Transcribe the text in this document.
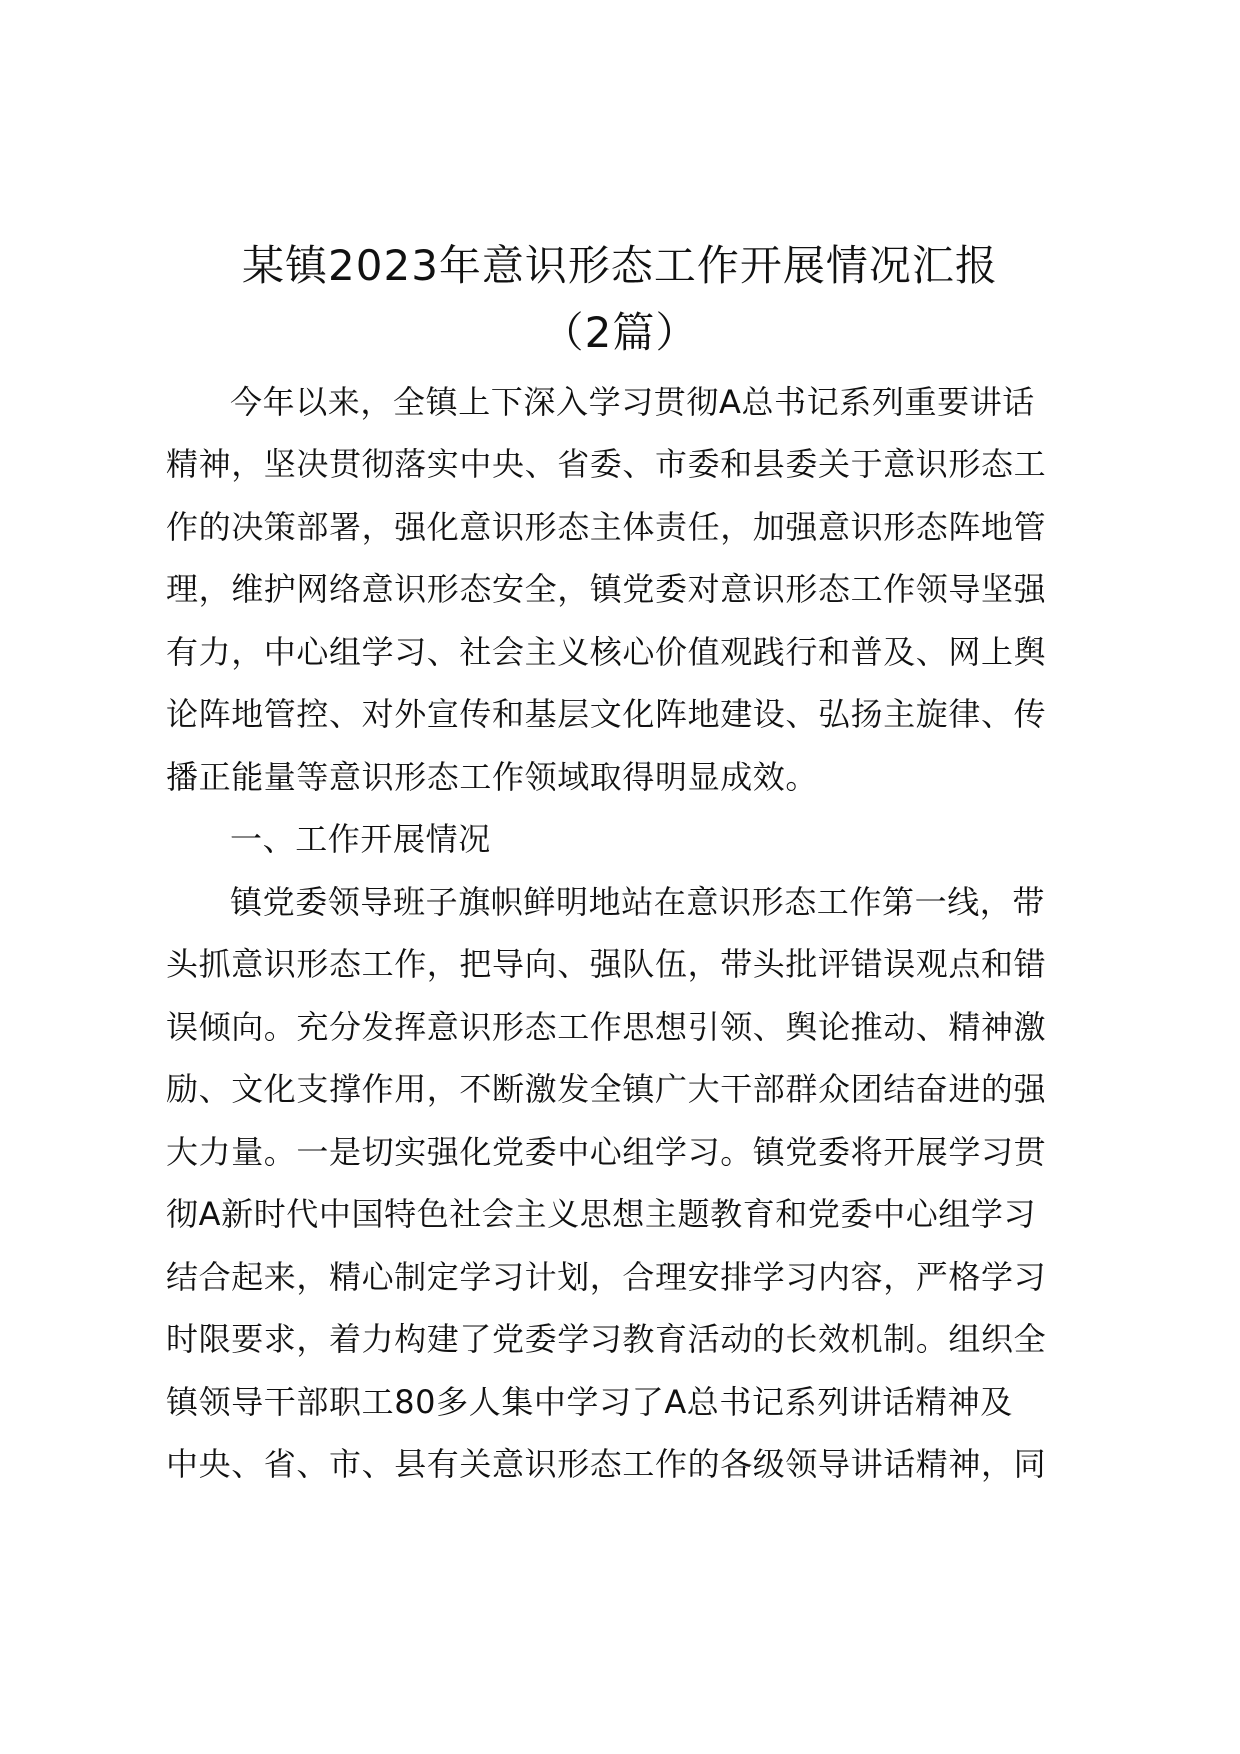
某镇2023年意识形态工作开展情况汇报
（2篇）
今年以来，全镇上下深入学习贯彻A总书记系列重要讲话
精神，坚决贯彻落实中央、省委、市委和县委关于意识形态工
作的决策部署，强化意识形态主体责任，加强意识形态阵地管
理，维护网络意识形态安全，镇党委对意识形态工作领导坚强
有力，中心组学习、社会主义核心价值观践行和普及、网上舆
论阵地管控、对外宣传和基层文化阵地建设、弘扬主旋律、传
播正能量等意识形态工作领域取得明显成效。
一、工作开展情况
镇党委领导班子旗帜鲜明地站在意识形态工作第一线，带
头抓意识形态工作，把导向、强队伍，带头批评错误观点和错
误倾向。充分发挥意识形态工作思想引领、舆论推动、精神激
励、文化支撑作用，不断激发全镇广大干部群众团结奋进的强
大力量。一是切实强化党委中心组学习。镇党委将开展学习贯
彻A新时代中国特色社会主义思想主题教育和党委中心组学习
结合起来，精心制定学习计划，合理安排学习内容，严格学习
时限要求，着力构建了党委学习教育活动的长效机制。组织全
镇领导干部职工80多人集中学习了A总书记系列讲话精神及
中央、省、市、县有关意识形态工作的各级领导讲话精神，同
